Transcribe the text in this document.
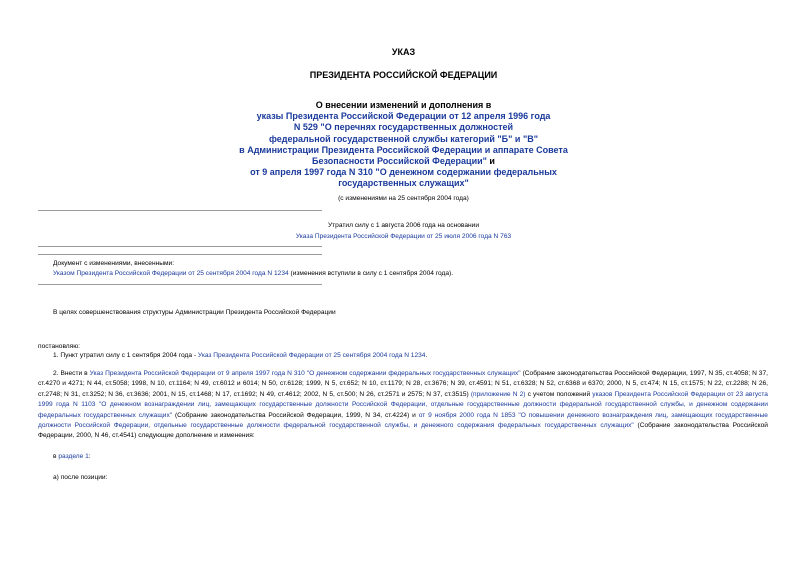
УКАЗ
ПРЕЗИДЕНТА РОССИЙСКОЙ ФЕДЕРАЦИИ
О внесении изменений и дополнения в
указы Президента Российской Федерации от 12 апреля 1996 года
N 529 "О перечнях государственных должностей
федеральной государственной службы категорий "Б" и "В"
в Администрации Президента Российской Федерации и аппарате Совета
Безопасности Российской Федерации" и
от 9 апреля 1997 года N 310 "О денежном содержании федеральных
государственных служащих"
(с изменениями на 25 сентября 2004 года)
Утратил силу с 1 августа 2006 года на основании
Указа Президента Российской Федерации от 25 июля 2006 года N 763
Документ с изменениями, внесенными:
Указом Президента Российской Федерации от 25 сентября 2004 года N 1234 (изменения вступили в силу с 1 сентября 2004 года).
В целях совершенствования структуры Администрации Президента Российской Федерации
постановляю:
1. Пункт утратил силу с 1 сентября 2004 года - Указ Президента Российской Федерации от 25 сентября 2004 года N 1234.
2. Внести в Указ Президента Российской Федерации от 9 апреля 1997 года N 310 "О денежном содержании федеральных государственных служащих" (Собрание законодательства Российской Федерации, 1997, N 35, ст.4058; N 37, ст.4270 и 4271; N 44, ст.5058; 1998, N 10, ст.1164; N 49, ст.6012 и 6014; N 50, ст.6128; 1999, N 5, ст.652; N 10, ст.1179; N 28, ст.3676; N 39, ст.4591; N 51, ст.6328; N 52, ст.6368 и 6370; 2000, N 5, ст.474; N 15, ст.1575; N 22, ст.2288; N 26, ст.2748; N 31, ст.3252; N 36, ст.3636; 2001, N 15, ст.1468; N 17, ст.1692; N 49, ст.4612; 2002, N 5, ст.500; N 26, ст.2571 и 2575; N 37, ст.3515) (приложение N 2) с учетом положений указов Президента Российской Федерации от 23 августа 1999 года N 1103 "О денежном вознаграждении лиц, замещающих государственные должности Российской Федерации, отдельные государственные должности федеральной государственной службы, и денежном содержании федеральных государственных служащих" (Собрание законодательства Российской Федерации, 1999, N 34, ст.4224) и от 9 ноября 2000 года N 1853 "О повышении денежного вознаграждения лиц, замещающих государственные должности Российской Федерации, отдельные государственные должности федеральной государственной службы, и денежного содержания федеральных государственных служащих" (Собрание законодательства Российской Федерации, 2000, N 46, ст.4541) следующие дополнение и изменения:
в разделе 1:
а) после позиции:
